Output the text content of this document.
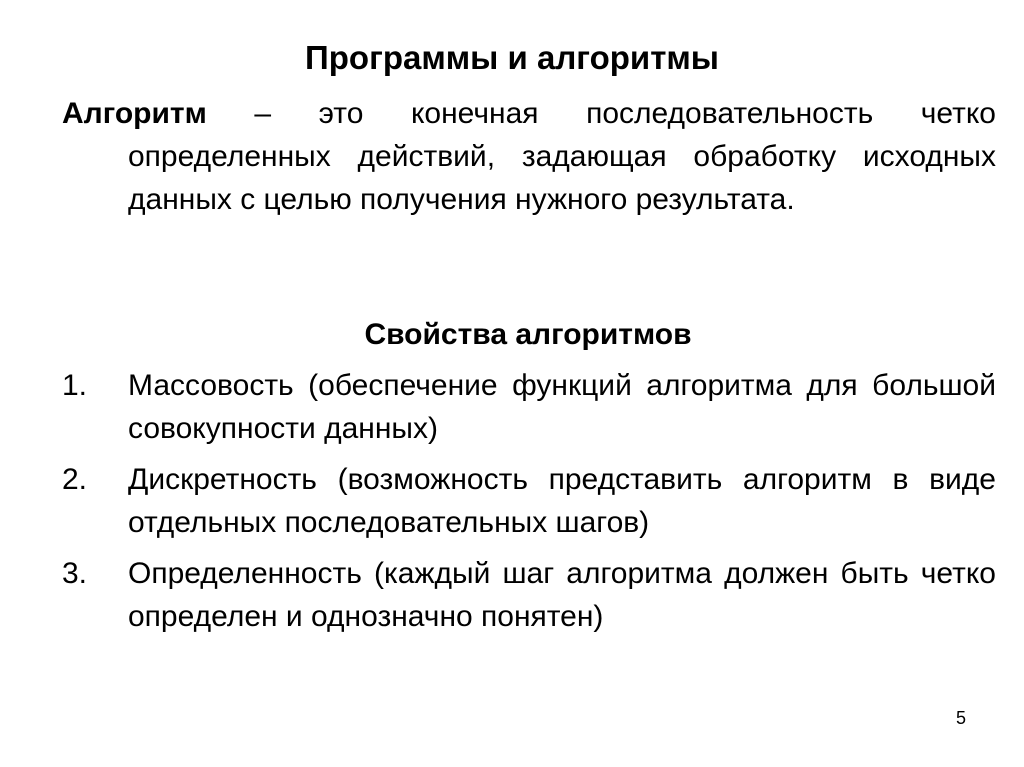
Программы и алгоритмы

Алгоритм – это конечная последовательность четко определенных действий, задающая обработку исходных данных с целью получения нужного результата.

Свойства алгоритмов
1. Массовость (обеспечение функций алгоритма для большой совокупности данных)
2. Дискретность (возможность представить алгоритм в виде отдельных последовательных шагов)
3. Определенность (каждый шаг алгоритма должен быть четко определен и однозначно понятен)
5
